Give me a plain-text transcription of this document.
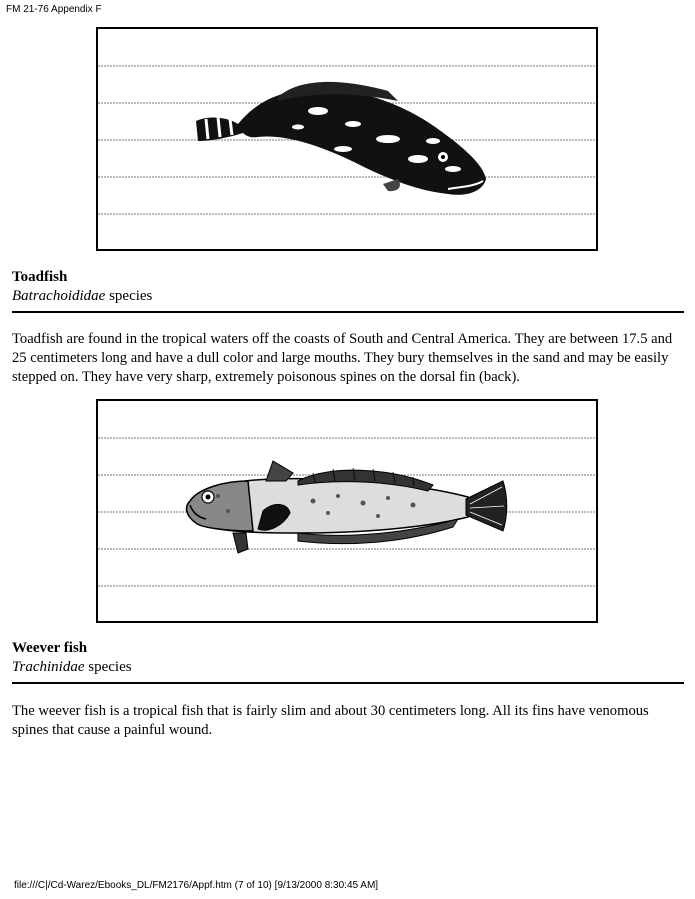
FM 21-76 Appendix F
Toadfish
Batrachoididae species
Toadfish are found in the tropical waters off the coasts of South and Central America. They are between 17.5 and 25 centimeters long and have a dull color and large mouths. They bury themselves in the sand and may be easily stepped on. They have very sharp, extremely poisonous spines on the dorsal fin (back).
Weever fish
Trachinidae species
The weever fish is a tropical fish that is fairly slim and about 30 centimeters long. All its fins have venomous spines that cause a painful wound.
file:///C|/Cd-Warez/Ebooks_DL/FM2176/Appf.htm (7 of 10) [9/13/2000 8:30:45 AM]
